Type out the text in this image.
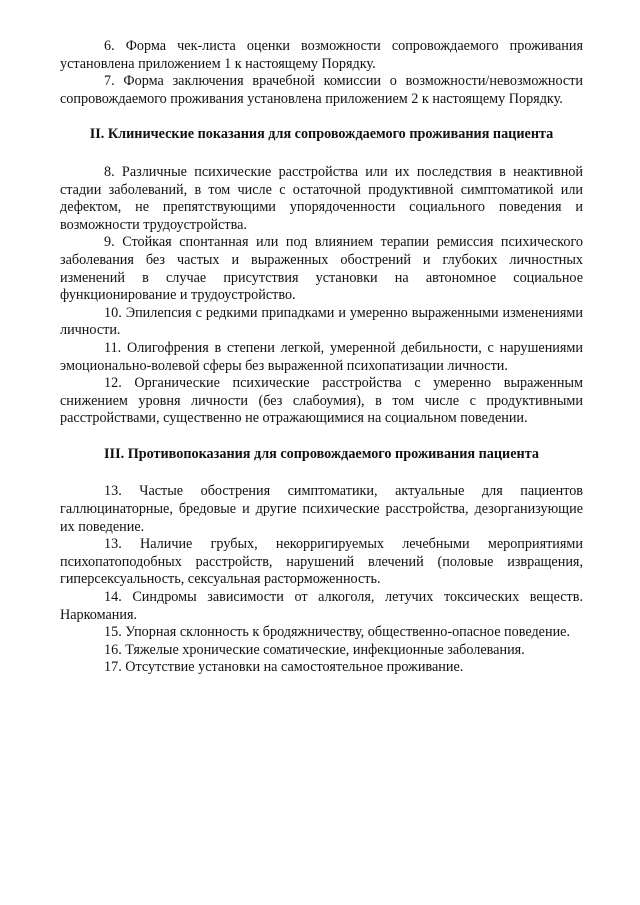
6. Форма чек-листа оценки возможности сопровождаемого проживания установлена приложением 1 к настоящему Порядку.

7. Форма заключения врачебной комиссии о возможности/невозможности сопровождаемого проживания установлена приложением 2 к настоящему Порядку.

II. Клинические показания для сопровождаемого проживания пациента

8. Различные психические расстройства или их последствия в неактивной стадии заболеваний, в том числе с остаточной продуктивной симптоматикой или дефектом, не препятствующими упорядоченности социального поведения и возможности трудоустройства.

9. Стойкая спонтанная или под влиянием терапии ремиссия психического заболевания без частых и выраженных обострений и глубоких личностных изменений в случае присутствия установки на автономное социальное функционирование и трудоустройство.

10. Эпилепсия с редкими припадками и умеренно выраженными изменениями личности.

11. Олигофрения в степени легкой, умеренной дебильности, с нарушениями эмоционально-волевой сферы без выраженной психопатизации личности.

12. Органические психические расстройства с умеренно выраженным снижением уровня личности (без слабоумия), в том числе с продуктивными расстройствами, существенно не отражающимися на социальном поведении.

III. Противопоказания для сопровождаемого проживания пациента

13. Частые обострения симптоматики, актуальные для пациентов галлюцинаторные, бредовые и другие психические расстройства, дезорганизующие их поведение.

13. Наличие грубых, некорригируемых лечебными мероприятиями психопатоподобных расстройств, нарушений влечений (половые извращения, гиперсексуальность, сексуальная расторможенность.

14. Синдромы зависимости от алкоголя, летучих токсических веществ. Наркомания.

15. Упорная склонность к бродяжничеству, общественно-опасное поведение.

16. Тяжелые хронические соматические, инфекционные заболевания.

17. Отсутствие установки на самостоятельное проживание.
